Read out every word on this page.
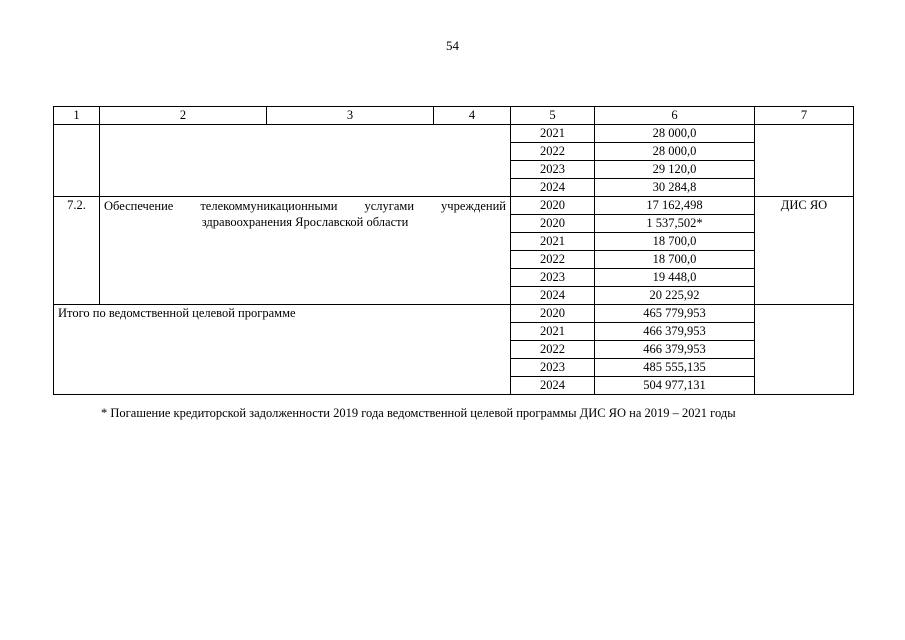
54
1	2	3	4	5	6	7
				2021	28 000,0	
				2022	28 000,0	
				2023	29 120,0	
				2024	30 284,8	
7.2.	Обеспечение телекоммуникационными услугами учреждений здравоохранения Ярославской области			2020	17 162,498	ДИС ЯО
				2020	1 537,502*	
				2021	18 700,0	
				2022	18 700,0	
				2023	19 448,0	
				2024	20 225,92	
Итого по ведомственной целевой программе				2020	465 779,953	
				2021	466 379,953	
				2022	466 379,953	
				2023	485 555,135	
				2024	504 977,131	

* Погашение кредиторской задолженности 2019 года ведомственной целевой программы ДИС ЯО на 2019 – 2021 годы
